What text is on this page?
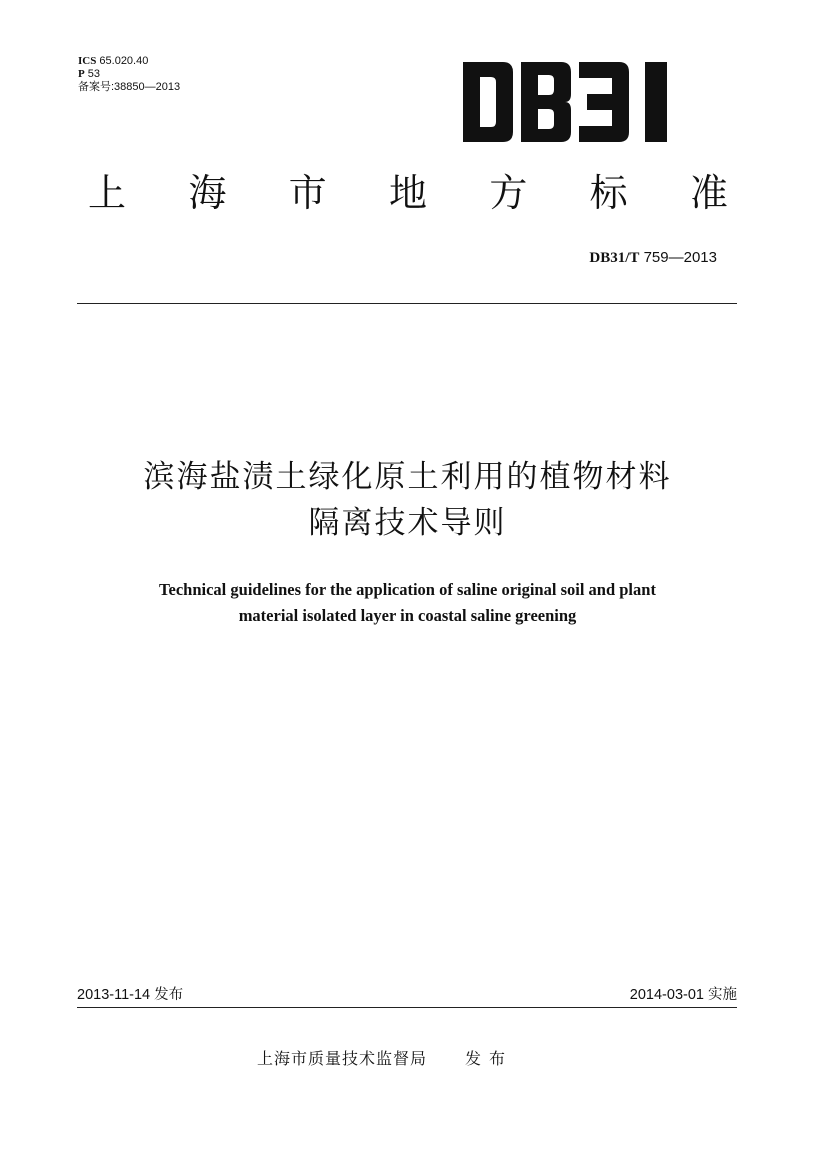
ICS 65.020.40
P 53
备案号:38850—2013
上 海 市 地 方 标 准
DB31/T 759—2013
滨海盐渍土绿化原土利用的植物材料
隔离技术导则
Technical guidelines for the application of saline original soil and plant
material isolated layer in coastal saline greening
2013-11-14 发布	2014-03-01 实施
上海市质量技术监督局 发布
